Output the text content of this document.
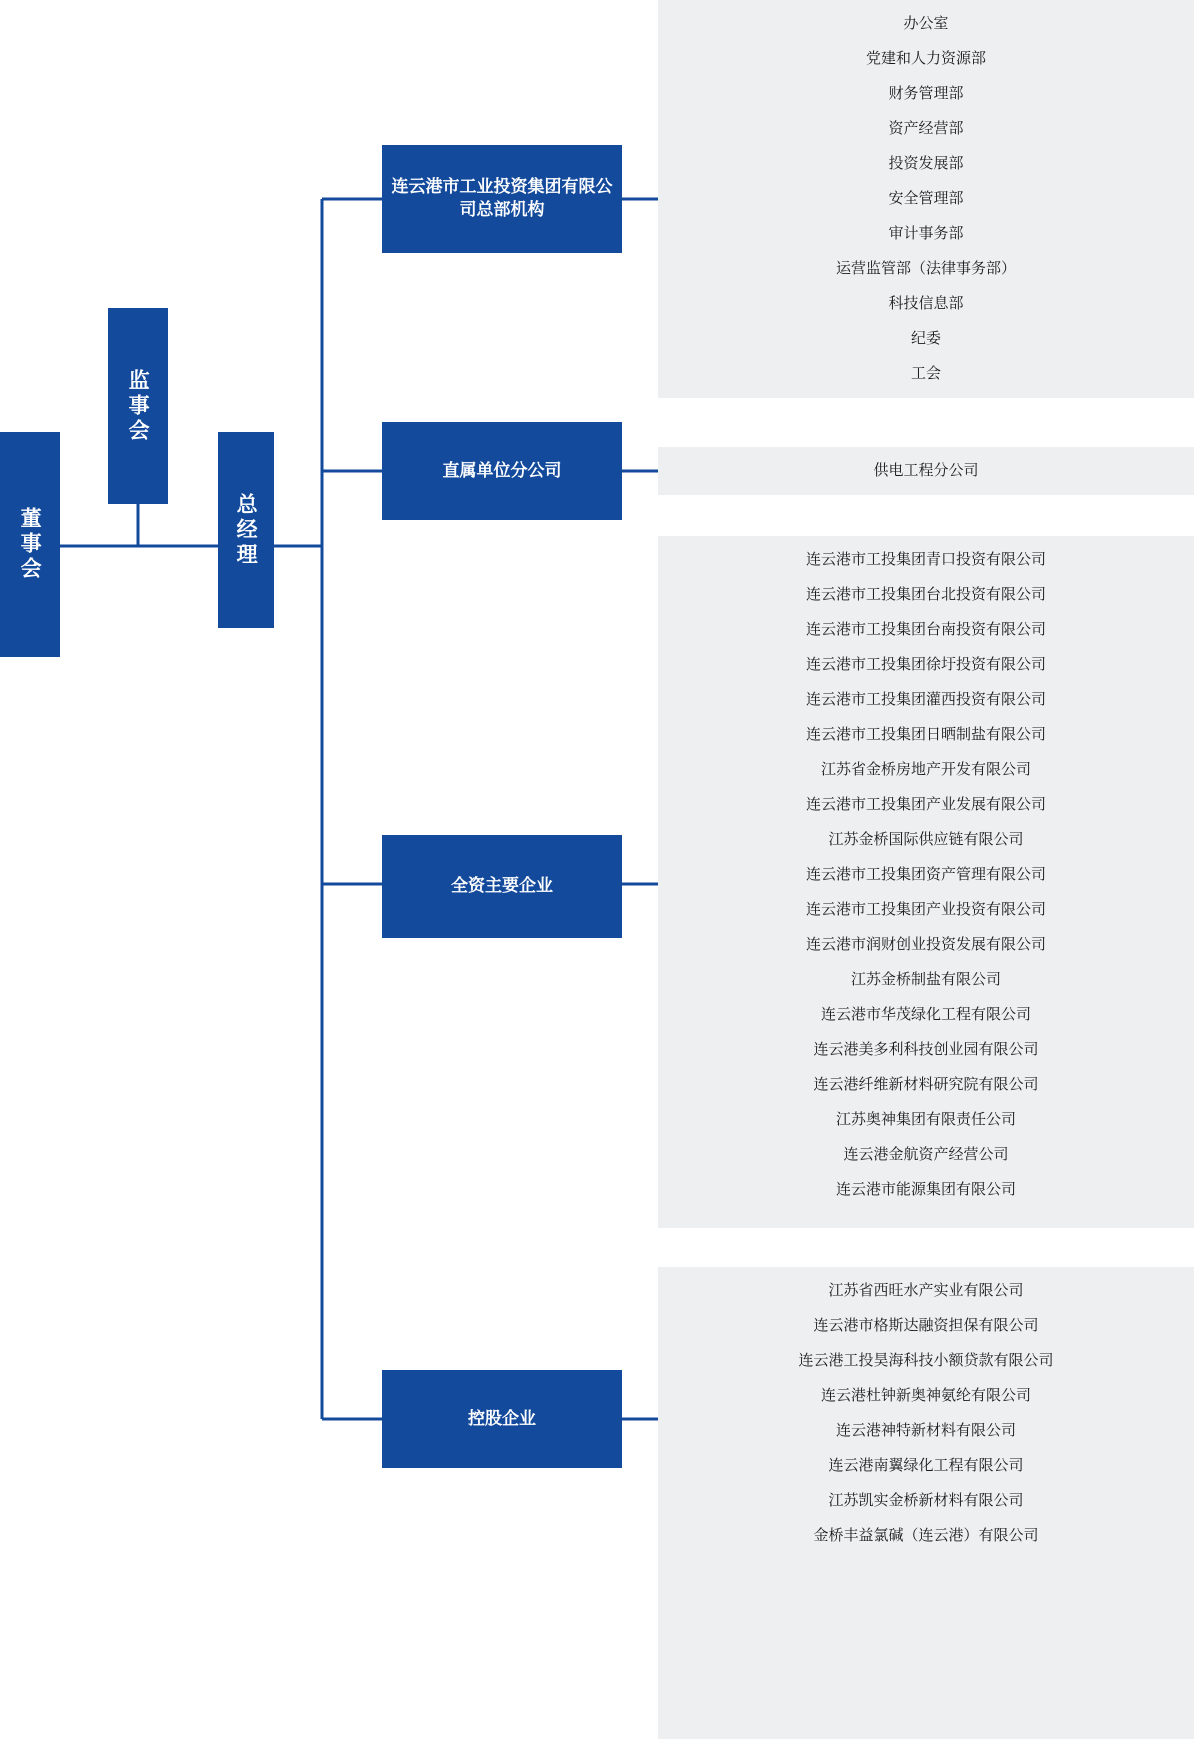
董事会
监事会
总经理
连云港市工业投资集团有限公司总部机构
直属单位分公司
全资主要企业
控股企业
办公室
党建和人力资源部
财务管理部
资产经营部
投资发展部
安全管理部
审计事务部
运营监管部（法律事务部）
科技信息部
纪委
工会
供电工程分公司
连云港市工投集团青口投资有限公司
连云港市工投集团台北投资有限公司
连云港市工投集团台南投资有限公司
连云港市工投集团徐圩投资有限公司
连云港市工投集团灌西投资有限公司
连云港市工投集团日晒制盐有限公司
江苏省金桥房地产开发有限公司
连云港市工投集团产业发展有限公司
江苏金桥国际供应链有限公司
连云港市工投集团资产管理有限公司
连云港市工投集团产业投资有限公司
连云港市润财创业投资发展有限公司
江苏金桥制盐有限公司
连云港市华茂绿化工程有限公司
连云港美多利科技创业园有限公司
连云港纤维新材料研究院有限公司
江苏奥神集团有限责任公司
连云港金航资产经营公司
连云港市能源集团有限公司
江苏省西旺水产实业有限公司
连云港市格斯达融资担保有限公司
连云港工投昊海科技小额贷款有限公司
连云港杜钟新奥神氨纶有限公司
连云港神特新材料有限公司
连云港南翼绿化工程有限公司
江苏凯实金桥新材料有限公司
金桥丰益氯碱（连云港）有限公司
